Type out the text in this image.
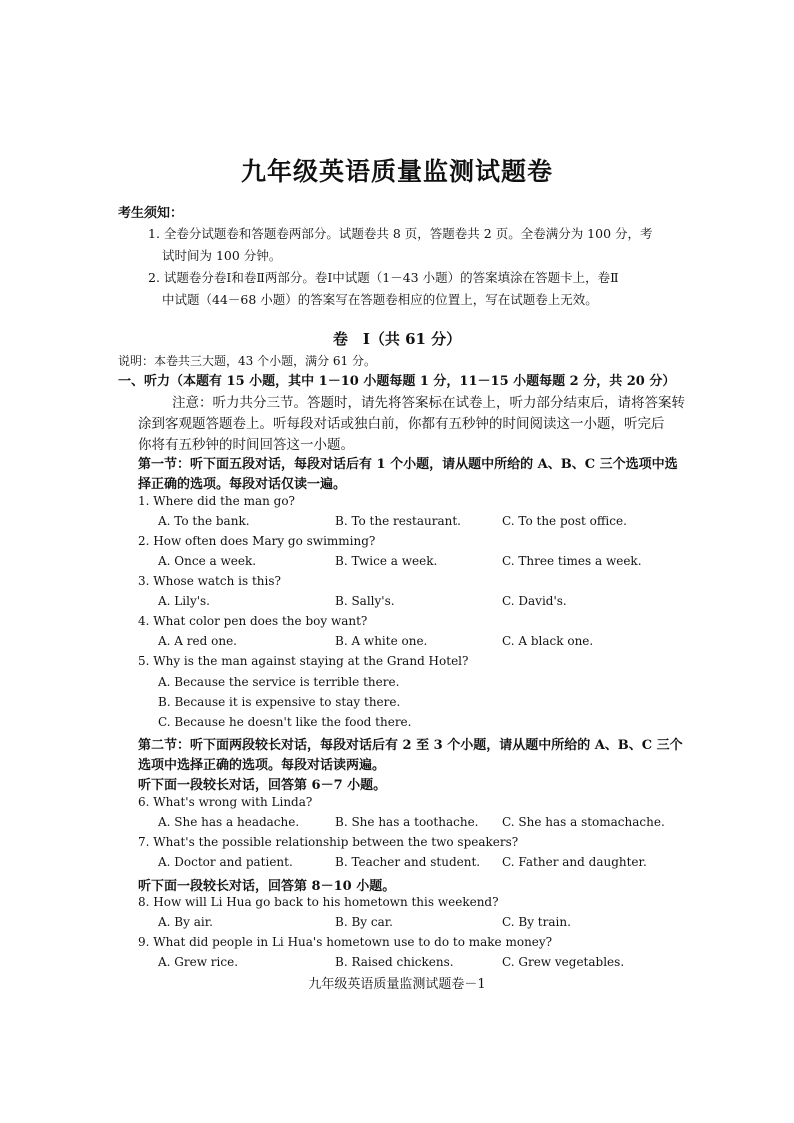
九年级英语质量监测试题卷
考生须知：
1. 全卷分试题卷和答题卷两部分。试题卷共 8 页，答题卷共 2 页。全卷满分为 100 分，考
试时间为 100 分钟。
2. 试题卷分卷Ⅰ和卷Ⅱ两部分。卷Ⅰ中试题（1－43 小题）的答案填涂在答题卡上，卷Ⅱ
中试题（44－68 小题）的答案写在答题卷相应的位置上，写在试题卷上无效。
卷　Ⅰ（共 61 分）
说明：本卷共三大题，43 个小题，满分 61 分。
一、听力（本题有 15 小题，其中 1－10 小题每题 1 分，11－15 小题每题 2 分，共 20 分）
注意：听力共分三节。答题时，请先将答案标在试卷上，听力部分结束后，请将答案转
涂到客观题答题卷上。听每段对话或独白前，你都有五秒钟的时间阅读这一小题，听完后
你将有五秒钟的时间回答这一小题。
第一节：听下面五段对话，每段对话后有 1 个小题，请从题中所给的 A、B、C 三个选项中选
择正确的选项。每段对话仅读一遍。
1. Where did the man go?
A. To the bank.	B. To the restaurant.	C. To the post office.
2. How often does Mary go swimming?
A. Once a week.	B. Twice a week.	C. Three times a week.
3. Whose watch is this?
A. Lily's.	B. Sally's.	C. David's.
4. What color pen does the boy want?
A. A red one.	B. A white one.	C. A black one.
5. Why is the man against staying at the Grand Hotel?
A. Because the service is terrible there.
B. Because it is expensive to stay there.
C. Because he doesn't like the food there.
第二节：听下面两段较长对话，每段对话后有 2 至 3 个小题，请从题中所给的 A、B、C 三个
选项中选择正确的选项。每段对话读两遍。
听下面一段较长对话，回答第 6－7 小题。
6. What's wrong with Linda?
A. She has a headache.	B. She has a toothache. C. She has a stomachache.
7. What's the possible relationship between the two speakers?
A. Doctor and patient.	B. Teacher and student. C. Father and daughter.
听下面一段较长对话，回答第 8－10 小题。
8. How will Li Hua go back to his hometown this weekend?
A. By air.	B. By car.	C. By train.
9. What did people in Li Hua's hometown use to do to make money?
A. Grew rice.	B. Raised chickens.	C. Grew vegetables.
九年级英语质量监测试题卷－1
